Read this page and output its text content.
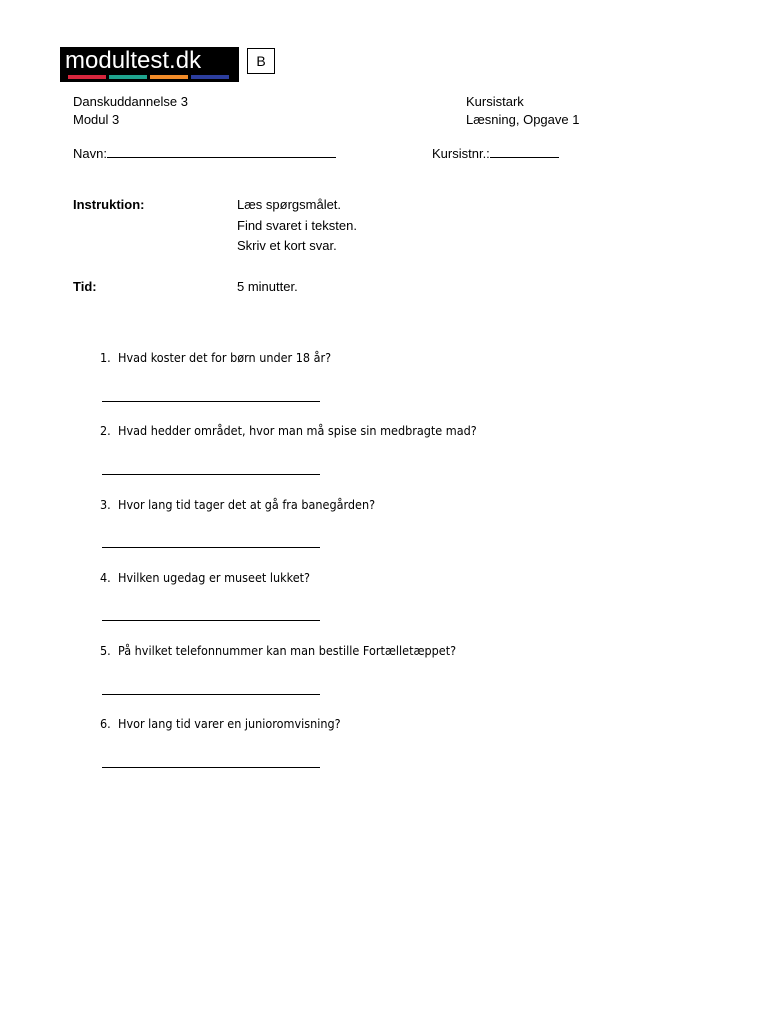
modultest.dk	B
Danskuddannelse 3
Modul 3
Kursistark
Læsning, Opgave 1
Navn:	Kursistnr.:
Instruktion:	Læs spørgsmålet.
Find svaret i teksten.
Skriv et kort svar.
Tid:	5 minutter.
1. Hvad koster det for børn under 18 år?
2. Hvad hedder området, hvor man må spise sin medbragte mad?
3. Hvor lang tid tager det at gå fra banegården?
4. Hvilken ugedag er museet lukket?
5. På hvilket telefonnummer kan man bestille Fortælletæppet?
6. Hvor lang tid varer en junioromvisning?
